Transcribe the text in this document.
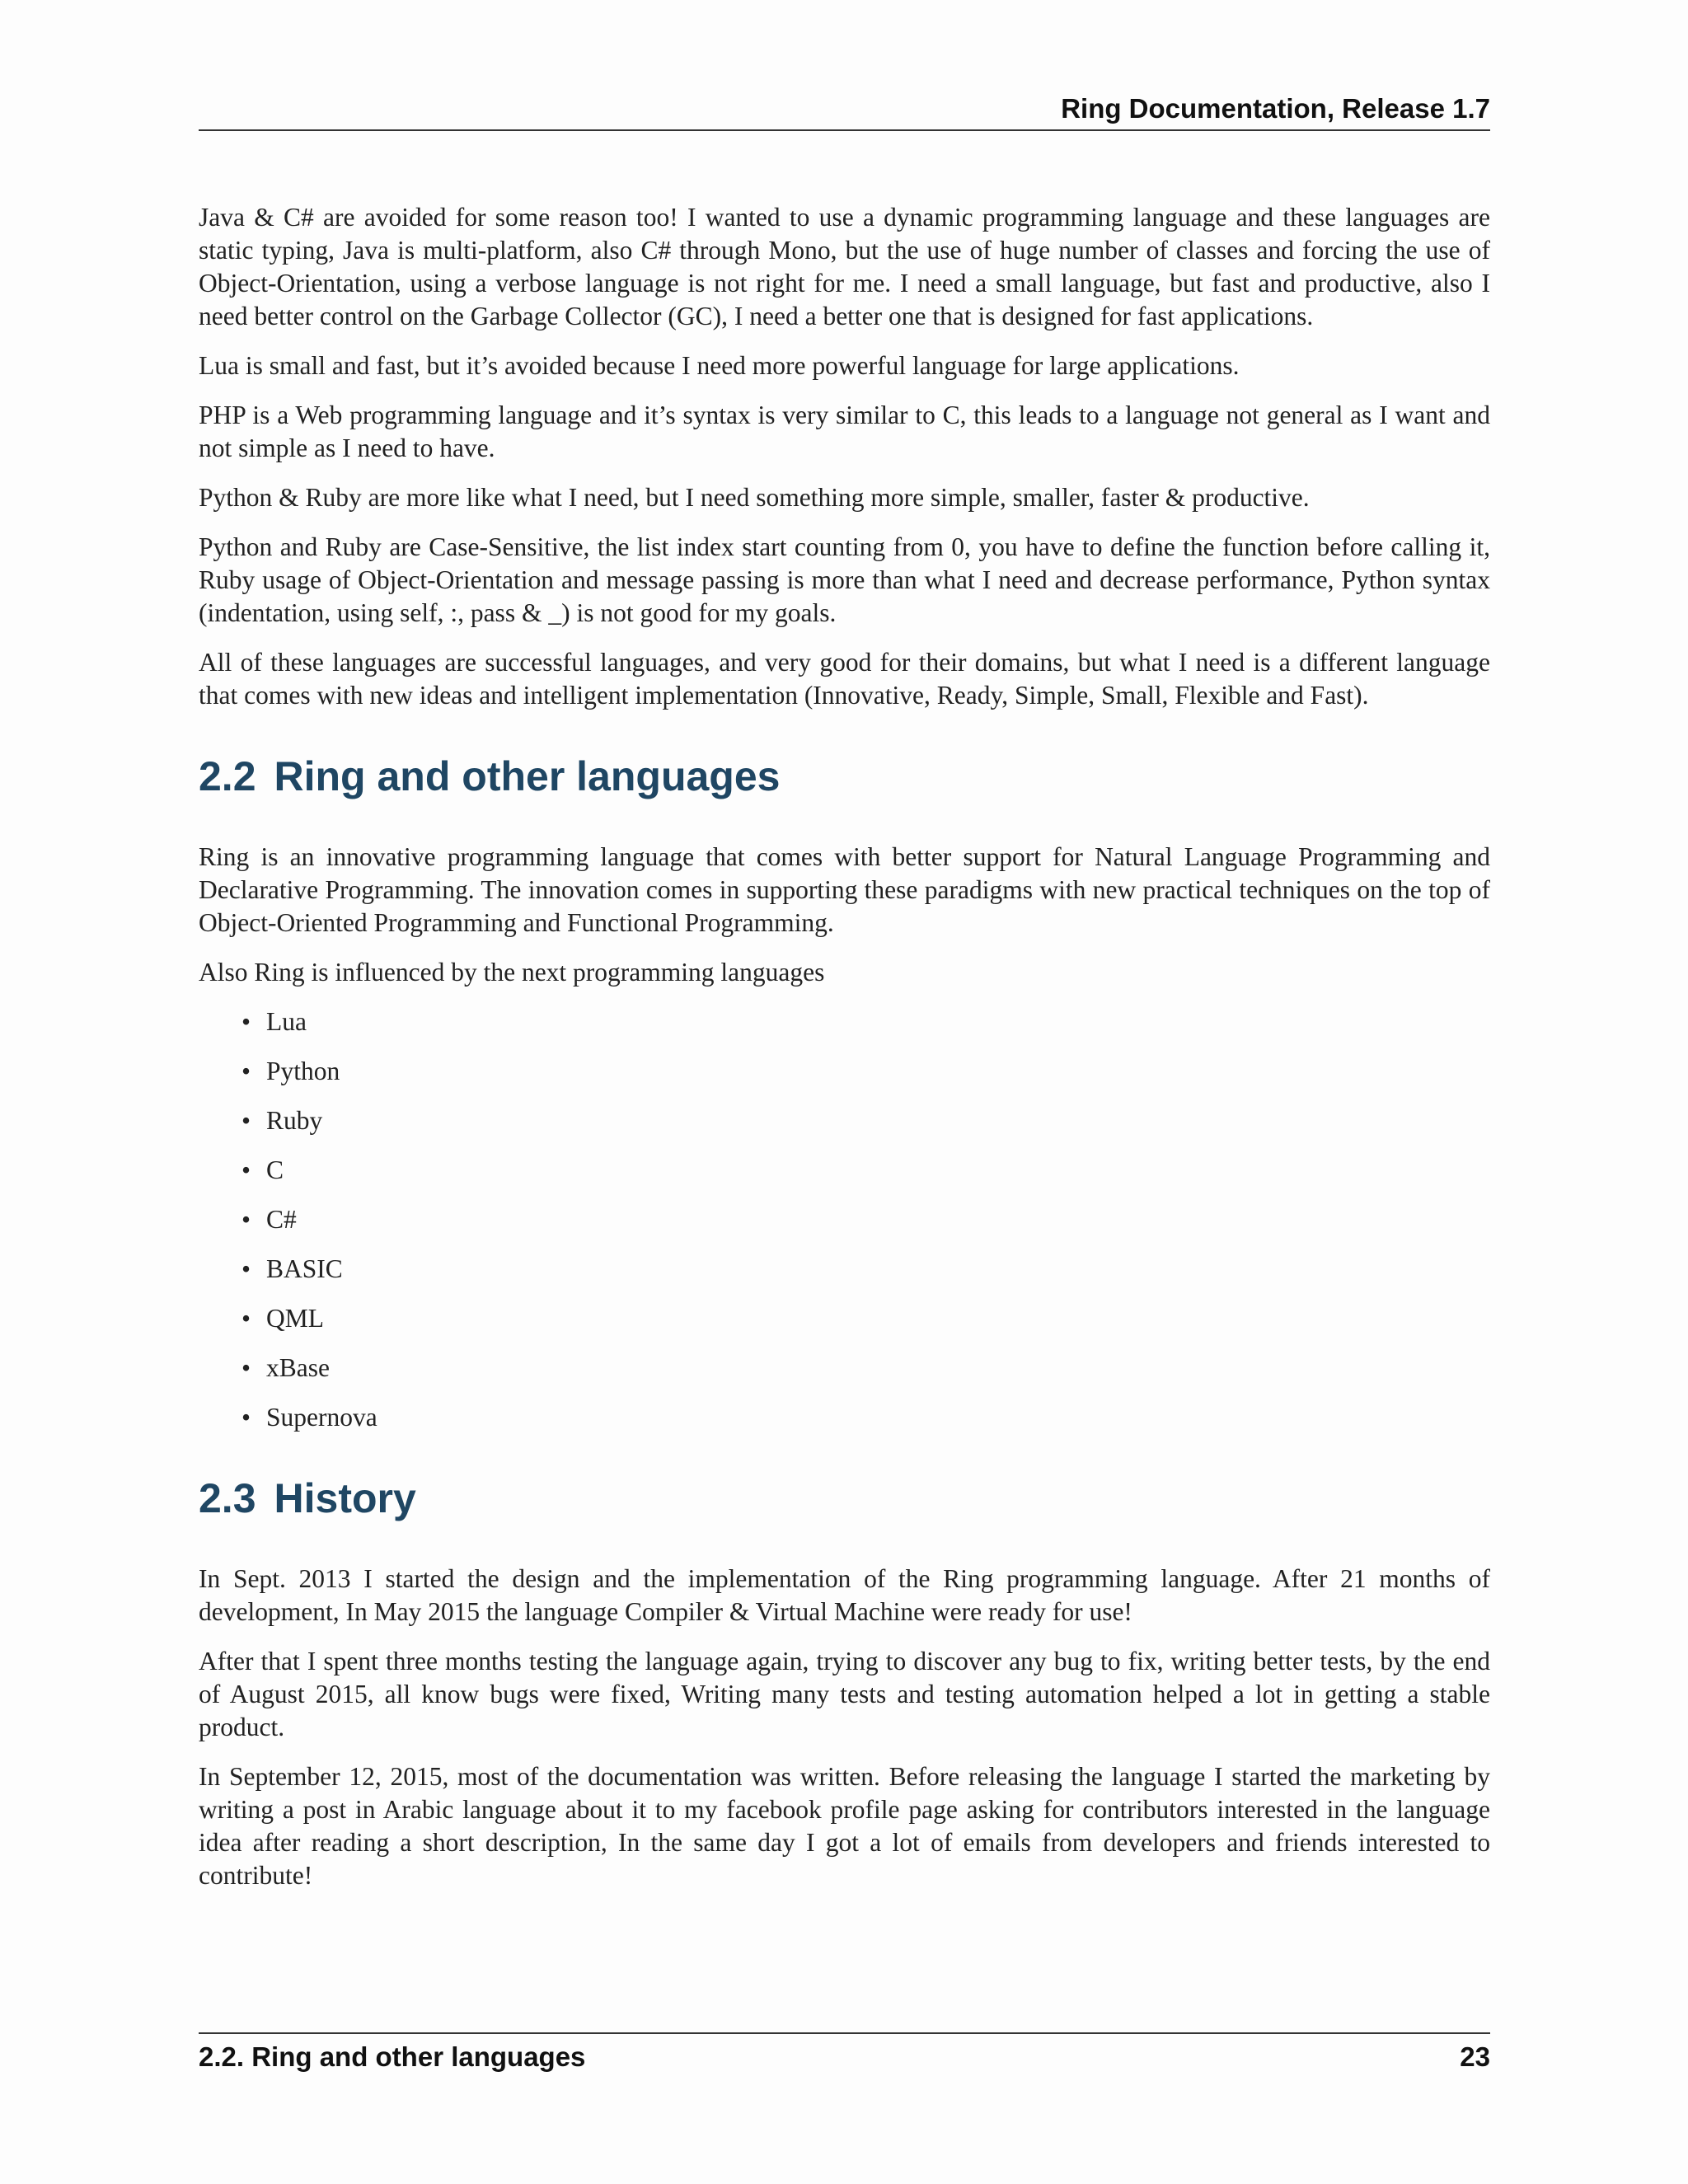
Ring Documentation, Release 1.7

Java & C# are avoided for some reason too! I wanted to use a dynamic programming language and these languages are static typing, Java is multi-platform, also C# through Mono, but the use of huge number of classes and forcing the use of Object-Orientation, using a verbose language is not right for me. I need a small language, but fast and productive, also I need better control on the Garbage Collector (GC), I need a better one that is designed for fast applications.

Lua is small and fast, but it’s avoided because I need more powerful language for large applications.

PHP is a Web programming language and it’s syntax is very similar to C, this leads to a language not general as I want and not simple as I need to have.

Python & Ruby are more like what I need, but I need something more simple, smaller, faster & productive.

Python and Ruby are Case-Sensitive, the list index start counting from 0, you have to define the function before calling it, Ruby usage of Object-Orientation and message passing is more than what I need and decrease performance, Python syntax (indentation, using self, :, pass & _) is not good for my goals.

All of these languages are successful languages, and very good for their domains, but what I need is a different language that comes with new ideas and intelligent implementation (Innovative, Ready, Simple, Small, Flexible and Fast).

2.2 Ring and other languages

Ring is an innovative programming language that comes with better support for Natural Language Programming and Declarative Programming. The innovation comes in supporting these paradigms with new practical techniques on the top of Object-Oriented Programming and Functional Programming.

Also Ring is influenced by the next programming languages

• Lua
• Python
• Ruby
• C
• C#
• BASIC
• QML
• xBase
• Supernova
2.3 History

In Sept. 2013 I started the design and the implementation of the Ring programming language. After 21 months of development, In May 2015 the language Compiler & Virtual Machine were ready for use!

After that I spent three months testing the language again, trying to discover any bug to fix, writing better tests, by the end of August 2015, all know bugs were fixed, Writing many tests and testing automation helped a lot in getting a stable product.

In September 12, 2015, most of the documentation was written. Before releasing the language I started the marketing by writing a post in Arabic language about it to my facebook profile page asking for contributors interested in the language idea after reading a short description, In the same day I got a lot of emails from developers and friends interested to contribute!

2.2. Ring and other languages	23
